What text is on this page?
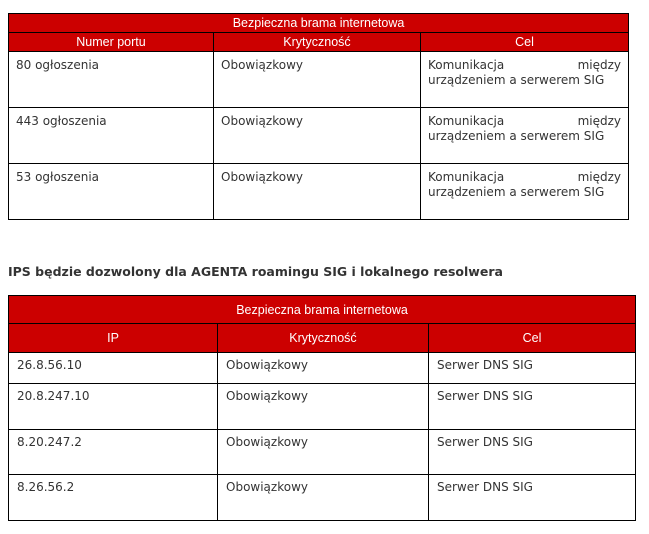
Bezpieczna brama internetowa		
Numer portu	Krytyczność	Cel
80 ogłoszenia	Obowiązkowy	Komunikacja między urządzeniem a serwerem SIG
443 ogłoszenia	Obowiązkowy	Komunikacja między urządzeniem a serwerem SIG
53 ogłoszenia	Obowiązkowy	Komunikacja między urządzeniem a serwerem SIG
IPS będzie dozwolony dla AGENTA roamingu SIG i lokalnego resolwera
Bezpieczna brama internetowa		
IP	Krytyczność	Cel
26.8.56.10	Obowiązkowy	Serwer DNS SIG
20.8.247.10	Obowiązkowy	Serwer DNS SIG
8.20.247.2	Obowiązkowy	Serwer DNS SIG
8.26.56.2	Obowiązkowy	Serwer DNS SIG
